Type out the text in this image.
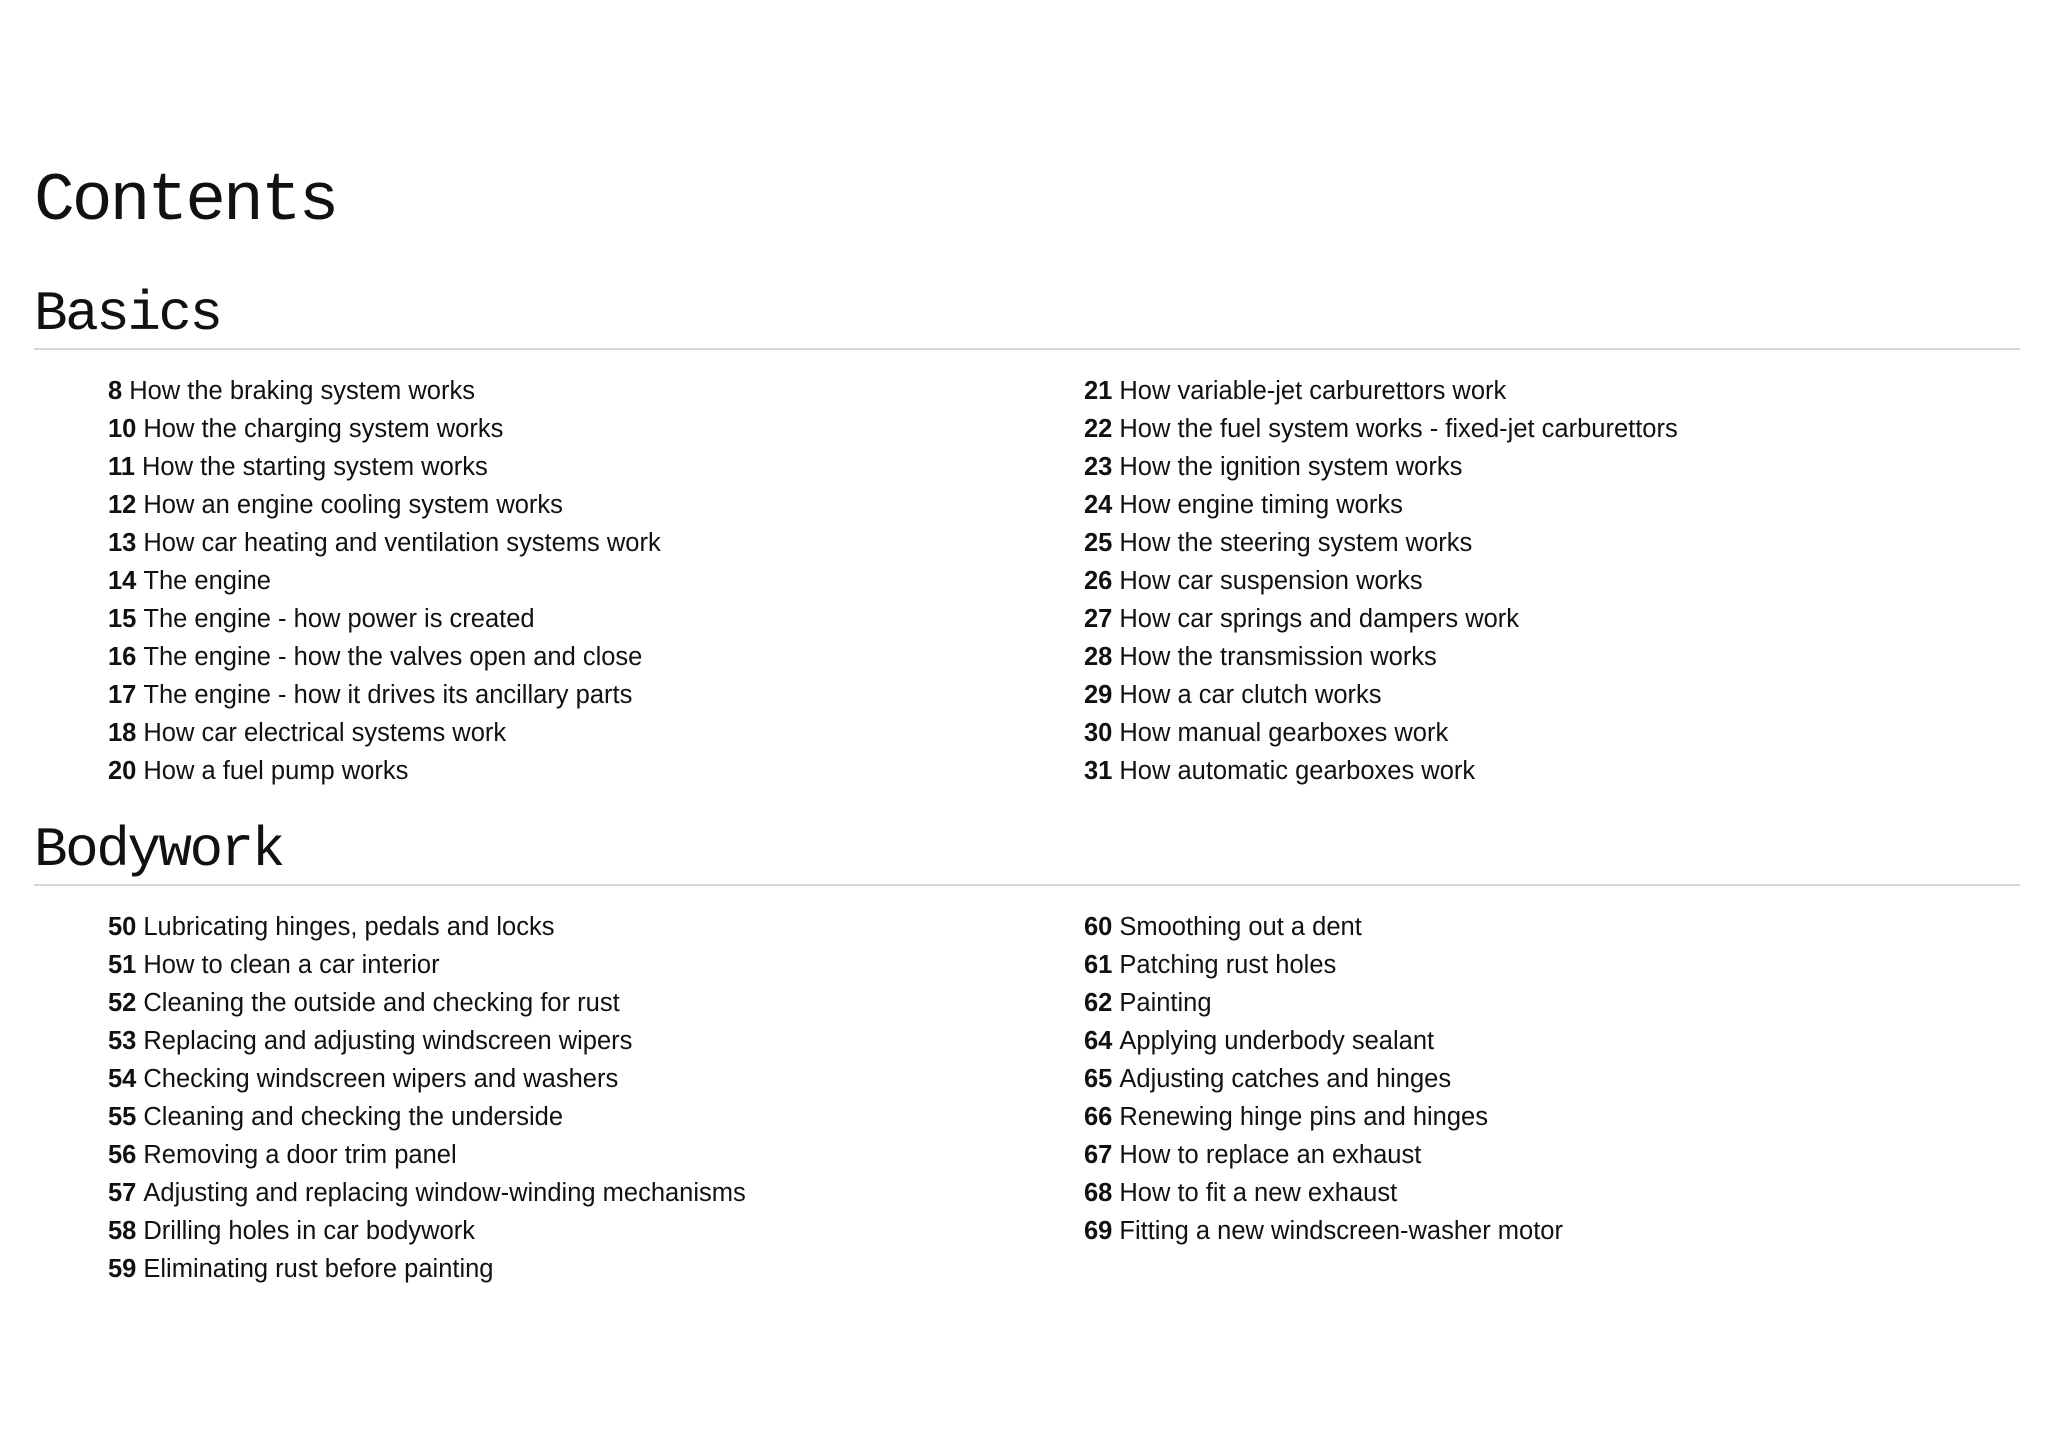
Contents
Basics
8 How the braking system works
10 How the charging system works
11 How the starting system works
12 How an engine cooling system works
13 How car heating and ventilation systems work
14 The engine
15 The engine - how power is created
16 The engine - how the valves open and close
17 The engine - how it drives its ancillary parts
18 How car electrical systems work
20 How a fuel pump works
21 How variable-jet carburettors work
22 How the fuel system works - fixed-jet carburettors
23 How the ignition system works
24 How engine timing works
25 How the steering system works
26 How car suspension works
27 How car springs and dampers work
28 How the transmission works
29 How a car clutch works
30 How manual gearboxes work
31 How automatic gearboxes work
Bodywork
50 Lubricating hinges, pedals and locks
51 How to clean a car interior
52 Cleaning the outside and checking for rust
53 Replacing and adjusting windscreen wipers
54 Checking windscreen wipers and washers
55 Cleaning and checking the underside
56 Removing a door trim panel
57 Adjusting and replacing window-winding mechanisms
58 Drilling holes in car bodywork
59 Eliminating rust before painting
60 Smoothing out a dent
61 Patching rust holes
62 Painting
64 Applying underbody sealant
65 Adjusting catches and hinges
66 Renewing hinge pins and hinges
67 How to replace an exhaust
68 How to fit a new exhaust
69 Fitting a new windscreen-washer motor
